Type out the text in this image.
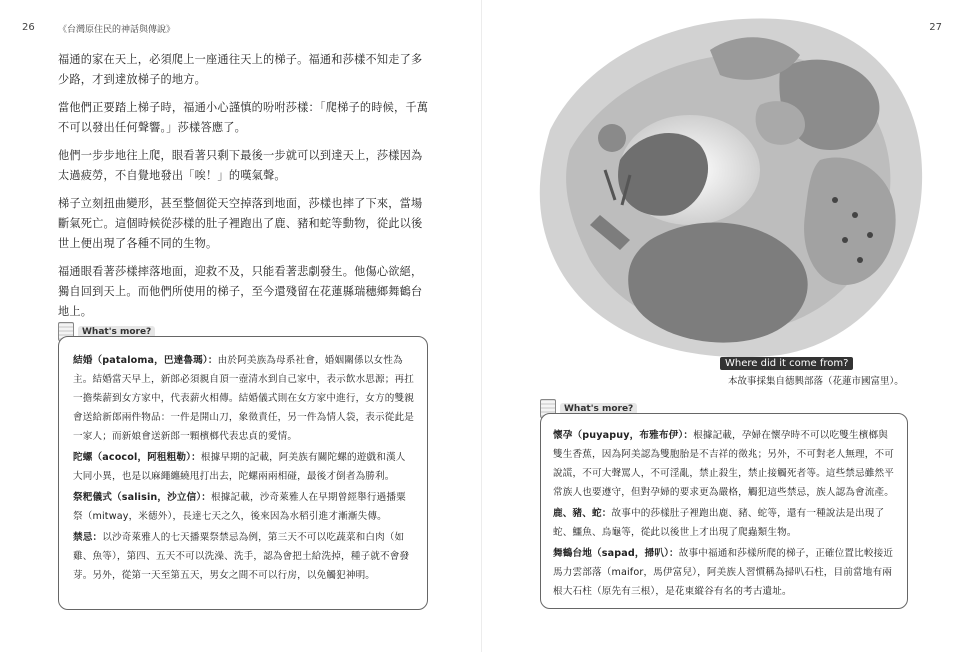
26	《台灣原住民的神話與傳說》

福通的家在天上，必須爬上一座通往天上的梯子。福通和莎樣不知走了多少路，才到達放梯子的地方。

當他們正要踏上梯子時，福通小心謹慎的吩咐莎樣：「爬梯子的時候，千萬不可以發出任何聲響。」莎樣答應了。

他們一步步地往上爬，眼看著只剩下最後一步就可以到達天上，莎樣因為太過疲勞，不自覺地發出「唉！」的嘆氣聲。

梯子立刻扭曲變形，甚至整個從天空掉落到地面，莎樣也摔了下來，當場斷氣死亡。這個時候從莎樣的肚子裡跑出了鹿、豬和蛇等動物，從此以後世上便出現了各種不同的生物。

福通眼看著莎樣摔落地面，迎救不及，只能看著悲劇發生。他傷心欲絕，獨自回到天上。而他們所使用的梯子，至今還殘留在花蓮縣瑞穗鄉舞鶴台地上。

What's more?
結婚（pataloma，巴達魯瑪）：由於阿美族為母系社會，婚姻關係以女性為主。結婚當天早上，新郎必須親自頂一壺清水到自己家中，表示飲水思源；再扛一擔柴薪到女方家中，代表薪火相傳。結婚儀式則在女方家中進行，女方的雙親會送給新郎兩件物品：一件是開山刀，象徵責任，另一件為情人袋，表示從此是一家人；而新娘會送新郎一顆檳榔代表忠貞的愛情。
陀螺（acocol，阿租粗勒）：根據早期的記載，阿美族有關陀螺的遊戲和漢人大同小異，也是以麻繩纏繞甩打出去，陀螺兩兩相碰，最後才倒者為勝利。
祭粑儀式（salisin，沙立信）：根據記載，沙奇萊雅人在早期曾經舉行過播粟祭（mitway，米德外），長達七天之久，後來因為水稻引進才漸漸失傳。
禁忌：以沙奇萊雅人的七天播粟祭禁忌為例，第三天不可以吃蔬菜和白肉（如雞、魚等），第四、五天不可以洗澡、洗手，認為會把土給洗掉，種子就不會發芽。另外，從第一天至第五天，男女之間不可以行房，以免觸犯神明。
27
Where did it come from?
本故事採集自德興部落（花蓮市國富里）。
What's more?
懷孕（puyapuy，布雅布伊）：根據記載，孕婦在懷孕時不可以吃雙生檳榔與雙生香蕉，因為阿美認為雙胞胎是不吉祥的徵兆；另外，不可對老人無理，不可說謊，不可大聲罵人，不可淫亂，禁止殺生，禁止接觸死者等。這些禁忌雖然平常族人也要遵守，但對孕婦的要求更為嚴格，觸犯這些禁忌，族人認為會流產。
鹿、豬、蛇：故事中的莎樣肚子裡跑出鹿、豬、蛇等，還有一種說法是出現了蛇、鱷魚、烏龜等，從此以後世上才出現了爬蟲類生物。
舞鶴台地（sapad，掃叭）：故事中福通和莎樣所爬的梯子，正確位置比較接近馬力雲部落（maifor，馬伊富兒），阿美族人習慣稱為掃叭石柱，目前當地有兩根大石柱（原先有三根），是花東縱谷有名的考古遺址。
